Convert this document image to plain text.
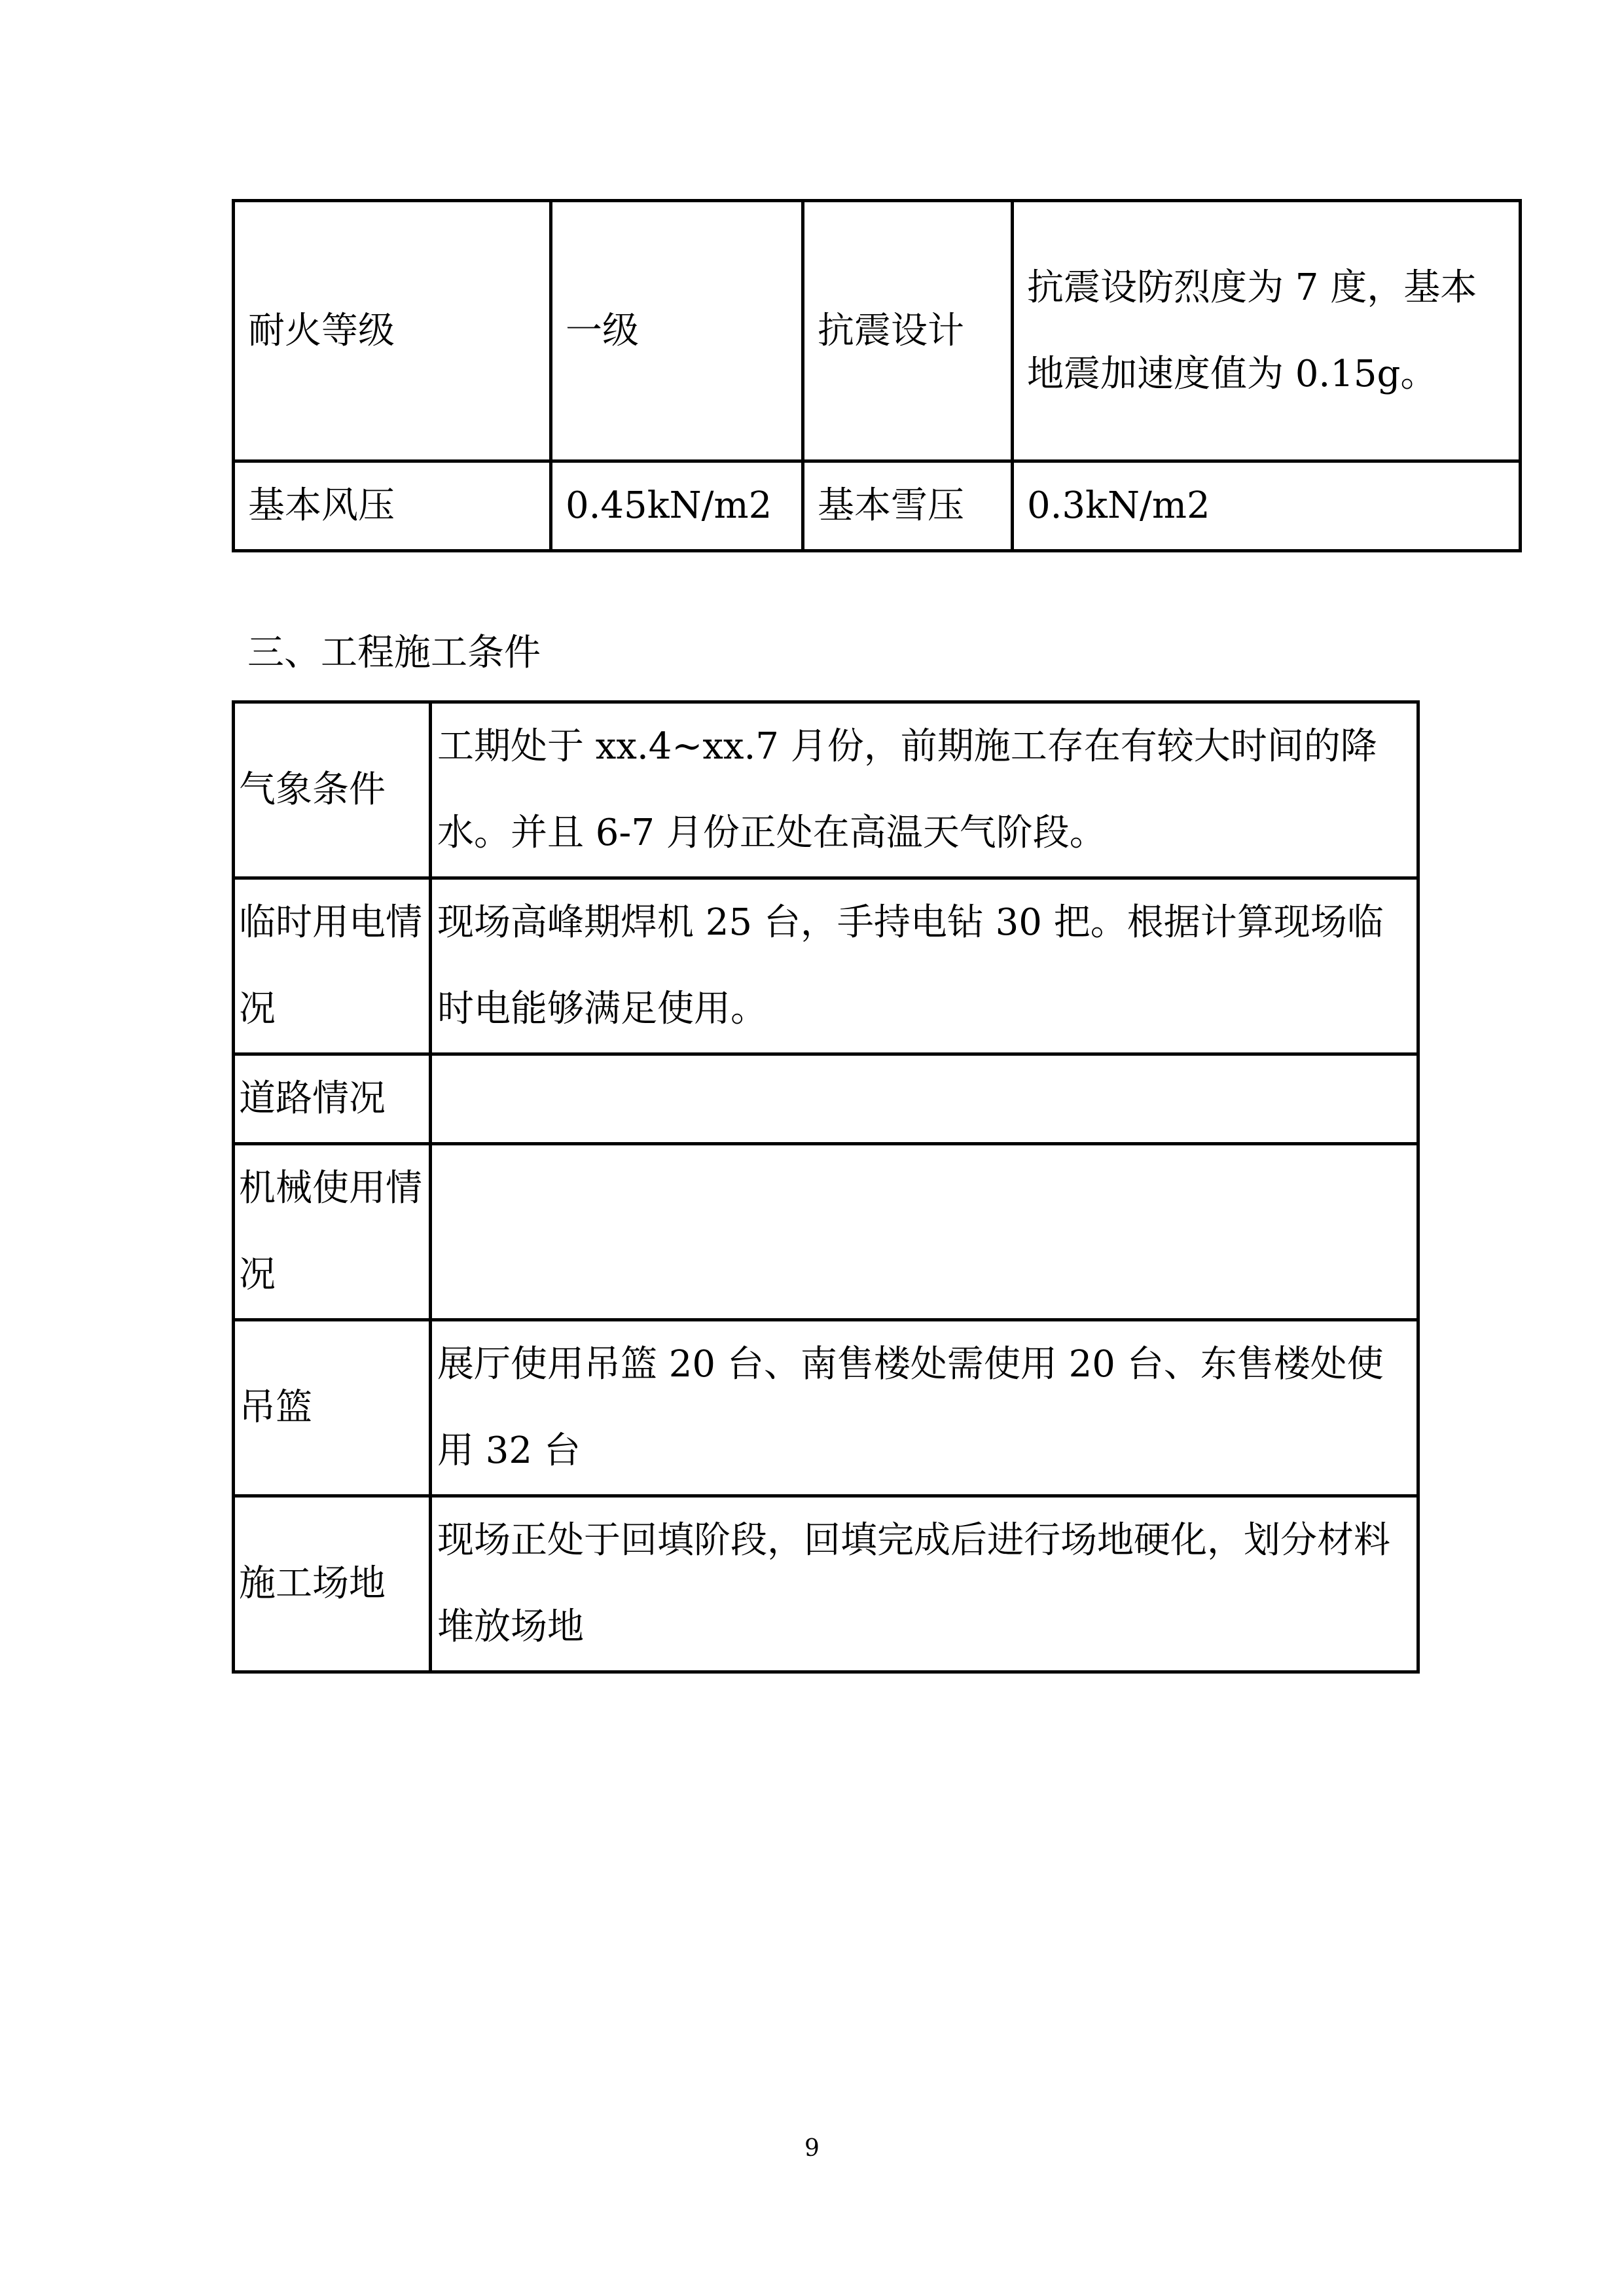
耐火等级	一级	抗震设计	抗震设防烈度为 7 度，基本地震加速度值为 0.15g。
基本风压	0.45kN/m2	基本雪压	0.3kN/m2
三、工程施工条件
气象条件	工期处于 xx.4~xx.7 月份，前期施工存在有较大时间的降水。并且 6-7 月份正处在高温天气阶段。
临时用电情况	现场高峰期焊机 25 台，手持电钻 30 把。根据计算现场临时电能够满足使用。
道路情况	
机械使用情况	
吊篮	展厅使用吊篮 20 台、南售楼处需使用 20 台、东售楼处使用 32 台
施工场地	现场正处于回填阶段，回填完成后进行场地硬化，划分材料堆放场地
9
